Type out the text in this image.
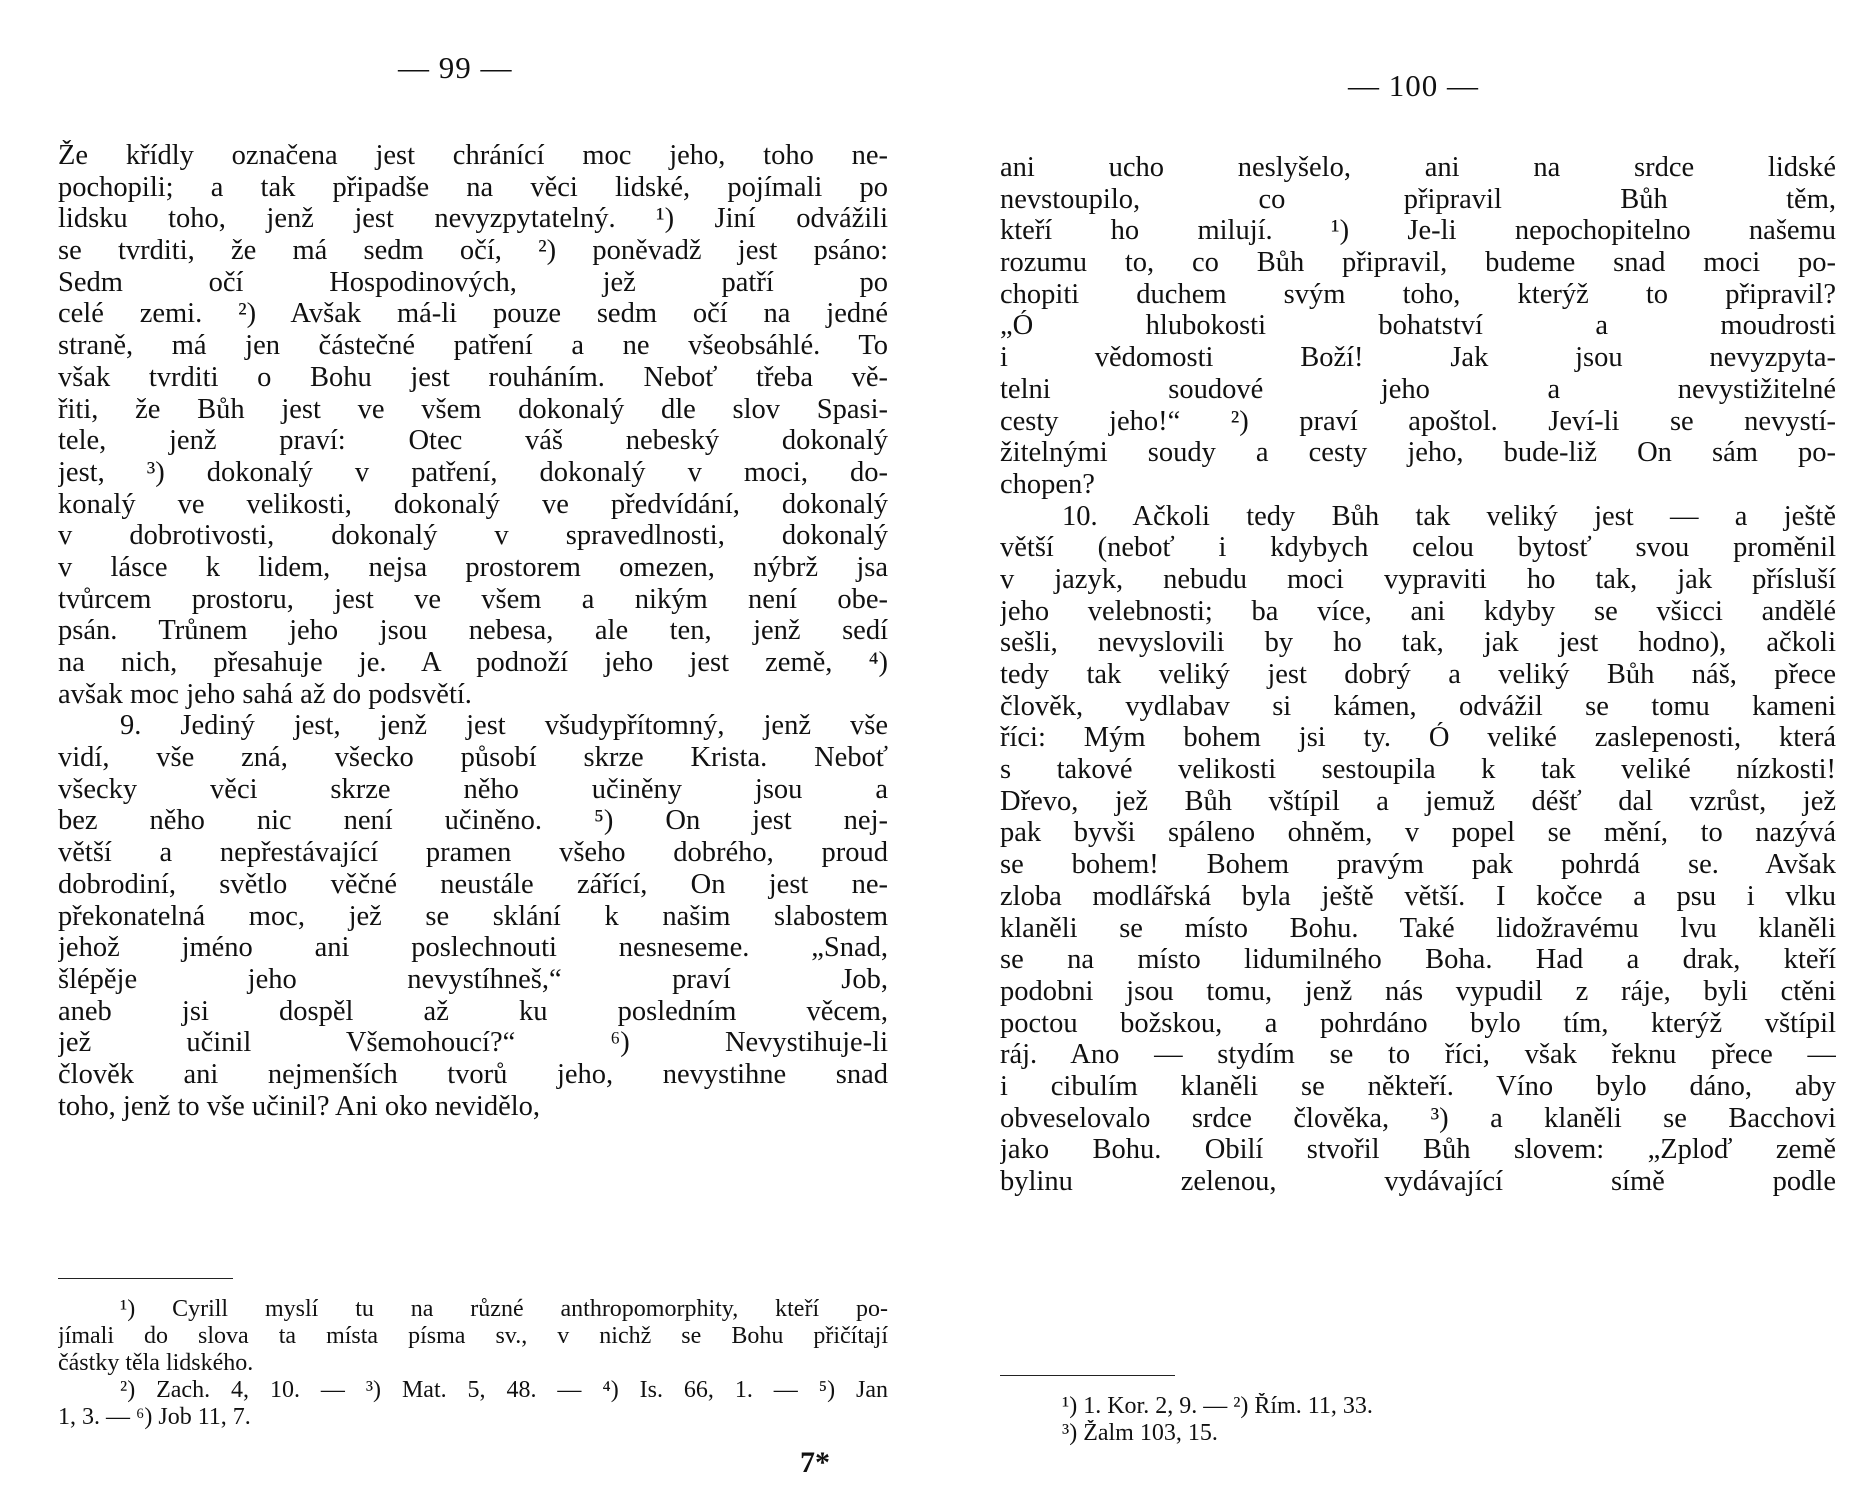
— 99 —
Že křídly označena jest chránící moc jeho, toho ne-
pochopili; a tak připadše na věci lidské, pojímali po
lidsku toho, jenž jest nevyzpytatelný. ¹) Jiní odvážili
se tvrditi, že má sedm očí, ²) poněvadž jest psáno:
Sedm očí Hospodinových, jež patří po
celé zemi. ²) Avšak má-li pouze sedm očí na jedné
straně, má jen částečné patření a ne všeobsáhlé. To
však tvrditi o Bohu jest rouháním. Neboť třeba vě-
řiti, že Bůh jest ve všem dokonalý dle slov Spasi-
tele, jenž praví: Otec váš nebeský dokonalý
jest, ³) dokonalý v patření, dokonalý v moci, do-
konalý ve velikosti, dokonalý ve předvídání, dokonalý
v dobrotivosti, dokonalý v spravedlnosti, dokonalý
v lásce k lidem, nejsa prostorem omezen, nýbrž jsa
tvůrcem prostoru, jest ve všem a nikým není obe-
psán. Trůnem jeho jsou nebesa, ale ten, jenž sedí
na nich, přesahuje je. A podnoží jeho jest země, ⁴)
avšak moc jeho sahá až do podsvětí.
9. Jediný jest, jenž jest všudypřítomný, jenž vše
vidí, vše zná, všecko působí skrze Krista. Neboť
všecky věci skrze něho učiněny jsou a
bez něho nic není učiněno. ⁵) On jest nej-
větší a nepřestávající pramen všeho dobrého, proud
dobrodiní, světlo věčné neustále zářící, On jest ne-
překonatelná moc, jež se sklání k našim slabostem
jehož jméno ani poslechnouti nesneseme. „Snad,
šlépěje jeho nevystíhneš,“ praví Job,
aneb jsi dospěl až ku posledním věcem,
jež učinil Všemohoucí?“ ⁶) Nevystihuje-li
člověk ani nejmenších tvorů jeho, nevystihne snad
toho, jenž to vše učinil? Ani oko nevidělo,
¹) Cyrill myslí tu na různé anthropomorphity, kteří po-
jímali do slova ta místa písma sv., v nichž se Bohu přičítají
částky těla lidského.
²) Zach. 4, 10. — ³) Mat. 5, 48. — ⁴) Is. 66, 1. — ⁵) Jan
1, 3. — ⁶) Job 11, 7.
7*
— 100 —
ani ucho neslyšelo, ani na srdce lidské
nevstoupilo, co připravil Bůh těm,
kteří ho milují. ¹) Je-li nepochopitelno našemu
rozumu to, co Bůh připravil, budeme snad moci po-
chopiti duchem svým toho, kterýž to připravil?
„Ó hlubokosti bohatství a moudrosti
i vědomosti Boží! Jak jsou nevyzpyta-
telni soudové jeho a nevystižitelné
cesty jeho!“ ²) praví apoštol. Jeví-li se nevystí-
žitelnými soudy a cesty jeho, bude-liž On sám po-
chopen?
10. Ačkoli tedy Bůh tak veliký jest — a ještě
větší (neboť i kdybych celou bytosť svou proměnil
v jazyk, nebudu moci vypraviti ho tak, jak přísluší
jeho velebnosti; ba více, ani kdyby se všicci andělé
sešli, nevyslovili by ho tak, jak jest hodno), ačkoli
tedy tak veliký jest dobrý a veliký Bůh náš, přece
člověk, vydlabav si kámen, odvážil se tomu kameni
říci: Mým bohem jsi ty. Ó veliké zaslepenosti, která
s takové velikosti sestoupila k tak veliké nízkosti!
Dřevo, jež Bůh vštípil a jemuž déšť dal vzrůst, jež
pak byvši spáleno ohněm, v popel se mění, to nazývá
se bohem! Bohem pravým pak pohrdá se. Avšak
zloba modlářská byla ještě větší. I kočce a psu i vlku
klaněli se místo Bohu. Také lidožravému lvu klaněli
se na místo lidumilného Boha. Had a drak, kteří
podobni jsou tomu, jenž nás vypudil z ráje, byli ctěni
poctou božskou, a pohrdáno bylo tím, kterýž vštípil
ráj. Ano — stydím se to říci, však řeknu přece —
i cibulím klaněli se někteří. Víno bylo dáno, aby
obveselovalo srdce člověka, ³) a klaněli se Bacchovi
jako Bohu. Obilí stvořil Bůh slovem: „Zploď země
bylinu zelenou, vydávající símě podle
¹) 1. Kor. 2, 9. — ²) Řím. 11, 33.
³) Žalm 103, 15.
